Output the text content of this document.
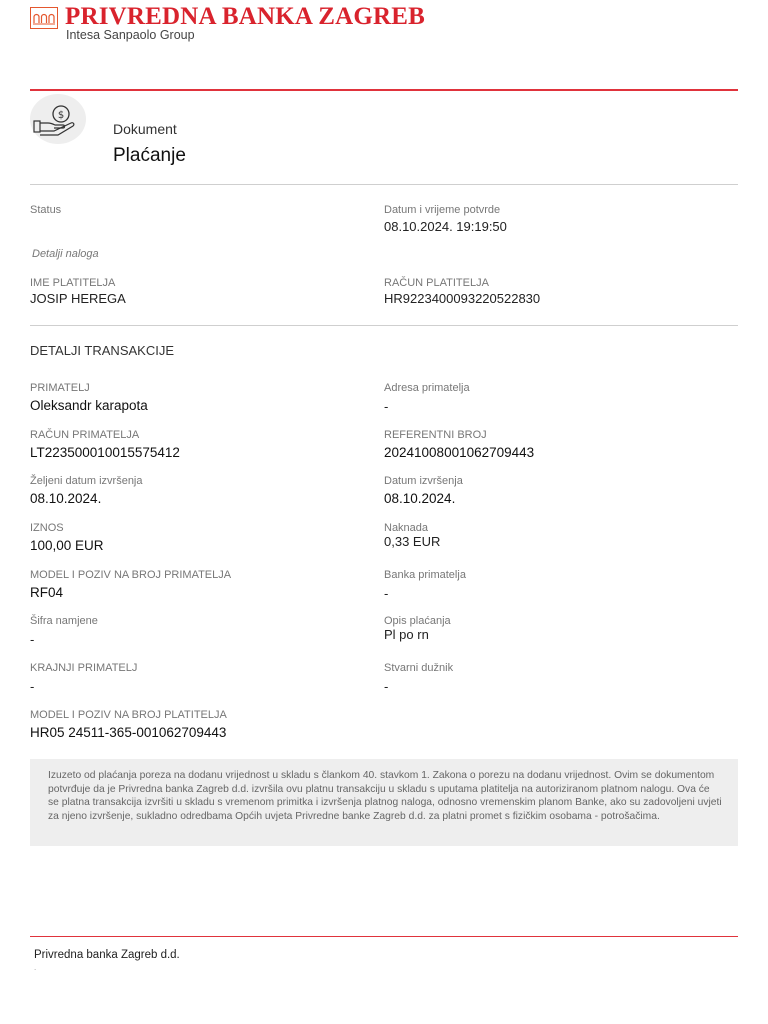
PRIVREDNA BANKA ZAGREB
Intesa Sanpaolo Group
$
Dokument
Plaćanje
Status	Datum i vrijeme potvrde
08.10.2024. 19:19:50
Detalji naloga
IME PLATITELJA
JOSIP HEREGA
RAČUN PLATITELJA
HR9223400093220522830
DETALJI TRANSAKCIJE
PRIMATELJ
Oleksandr karapota
Adresa primatelja
-
RAČUN PRIMATELJA
LT223500010015575412
REFERENTNI BROJ
2024100800106270944​3
Željeni datum izvršenja
08.10.2024.
Datum izvršenja
08.10.2024.
IZNOS
100,00 EUR
Naknada
0,33 EUR
MODEL I POZIV NA BROJ PRIMATELJA
RF04
Banka primatelja
-
Šifra namjene
-
Opis plaćanja
Pl po rn
KRAJNJI PRIMATELJ
-
Stvarni dužnik
-
MODEL I POZIV NA BROJ PLATITELJA
HR05 24511-365-001062709443
Izuzeto od plaćanja poreza na dodanu vrijednost u skladu s člankom 40. stavkom 1. Zakona o porezu na dodanu vrijednost. Ovim se dokumentom potvrđuje da je Privredna banka Zagreb d.d. izvršila ovu platnu transakciju u skladu s uputama platitelja na autoriziranom platnom nalogu. Ova će se platna transakcija izvršiti u skladu s vremenom primitka i izvršenja platnog naloga, odnosno vremenskim planom Banke, ako su zadovoljeni uvjeti za njeno izvršenje, sukladno odredbama Općih uvjeta Privredne banke Zagreb d.d. za platni promet s fizičkim osobama - potrošačima.
Privredna banka Zagreb d.d.
.
